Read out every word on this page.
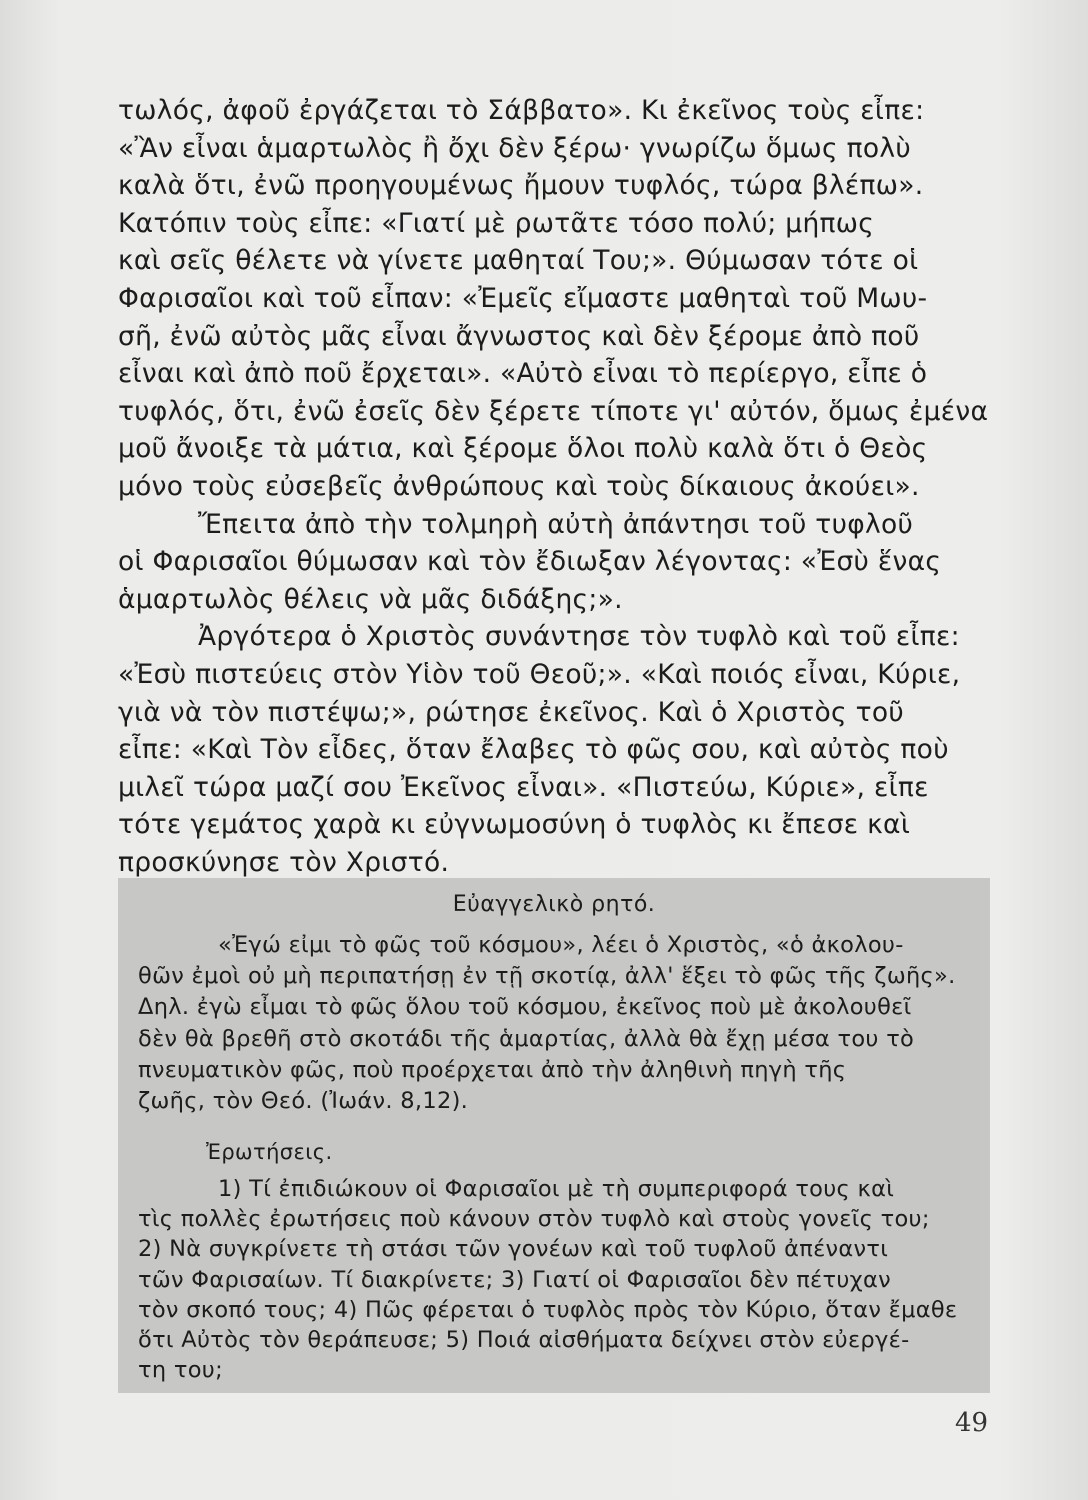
τωλός, ἀφοῦ ἐργάζεται τὸ Σάββατο». Κι ἐκεῖνος τοὺς εἶπε:
«Ἂν εἶναι ἁμαρτωλὸς ἢ ὄχι δὲν ξέρω· γνωρίζω ὅμως πολὺ
καλὰ ὅτι, ἐνῶ προηγουμένως ἤμουν τυφλός, τώρα βλέπω».
Κατόπιν τοὺς εἶπε: «Γιατί μὲ ρωτᾶτε τόσο πολύ; μήπως
καὶ σεῖς θέλετε νὰ γίνετε μαθηταί Του;». Θύμωσαν τότε οἱ
Φαρισαῖοι καὶ τοῦ εἶπαν: «Ἐμεῖς εἴμαστε μαθηταὶ τοῦ Μωυ-
σῆ, ἐνῶ αὐτὸς μᾶς εἶναι ἄγνωστος καὶ δὲν ξέρομε ἀπὸ ποῦ
εἶναι καὶ ἀπὸ ποῦ ἔρχεται». «Αὐτὸ εἶναι τὸ περίεργο, εἶπε ὁ
τυφλός, ὅτι, ἐνῶ ἐσεῖς δὲν ξέρετε τίποτε γι' αὐτόν, ὅμως ἐμένα
μοῦ ἄνοιξε τὰ μάτια, καὶ ξέρομε ὅλοι πολὺ καλὰ ὅτι ὁ Θεὸς
μόνο τοὺς εὐσεβεῖς ἀνθρώπους καὶ τοὺς δίκαιους ἀκούει».
Ἔπειτα ἀπὸ τὴν τολμηρὴ αὐτὴ ἀπάντησι τοῦ τυφλοῦ
οἱ Φαρισαῖοι θύμωσαν καὶ τὸν ἔδιωξαν λέγοντας: «Ἐσὺ ἕνας
ἁμαρτωλὸς θέλεις νὰ μᾶς διδάξης;».
Ἀργότερα ὁ Χριστὸς συνάντησε τὸν τυφλὸ καὶ τοῦ εἶπε:
«Ἐσὺ πιστεύεις στὸν Υἱὸν τοῦ Θεοῦ;». «Καὶ ποιός εἶναι, Κύριε,
γιὰ νὰ τὸν πιστέψω;», ρώτησε ἐκεῖνος. Καὶ ὁ Χριστὸς τοῦ
εἶπε: «Καὶ Τὸν εἶδες, ὅταν ἔλαβες τὸ φῶς σου, καὶ αὐτὸς ποὺ
μιλεῖ τώρα μαζί σου Ἐκεῖνος εἶναι». «Πιστεύω, Κύριε», εἶπε
τότε γεμάτος χαρὰ κι εὐγνωμοσύνη ὁ τυφλὸς κι ἔπεσε καὶ
προσκύνησε τὸν Χριστό.
Εὐαγγελικὸ ρητό.
«Ἐγώ εἰμι τὸ φῶς τοῦ κόσμου», λέει ὁ Χριστὸς, «ὁ ἀκολου-
θῶν ἐμοὶ οὐ μὴ περιπατήσῃ ἐν τῇ σκοτίᾳ, ἀλλ' ἕξει τὸ φῶς τῆς ζωῆς».
Δηλ. ἐγὼ εἶμαι τὸ φῶς ὅλου τοῦ κόσμου, ἐκεῖνος ποὺ μὲ ἀκολουθεῖ
δὲν θὰ βρεθῆ στὸ σκοτάδι τῆς ἁμαρτίας, ἀλλὰ θὰ ἔχῃ μέσα του τὸ
πνευματικὸν φῶς, ποὺ προέρχεται ἀπὸ τὴν ἀληθινὴ πηγὴ τῆς
ζωῆς, τὸν Θεό. (Ἰωάν. 8,12).
Ἐρωτήσεις.
1) Τί ἐπιδιώκουν οἱ Φαρισαῖοι μὲ τὴ συμπεριφορά τους καὶ
τὶς πολλὲς ἐρωτήσεις ποὺ κάνουν στὸν τυφλὸ καὶ στοὺς γονεῖς του;
2) Νὰ συγκρίνετε τὴ στάσι τῶν γονέων καὶ τοῦ τυφλοῦ ἀπέναντι
τῶν Φαρισαίων. Τί διακρίνετε; 3) Γιατί οἱ Φαρισαῖοι δὲν πέτυχαν
τὸν σκοπό τους; 4) Πῶς φέρεται ὁ τυφλὸς πρὸς τὸν Κύριο, ὅταν ἔμαθε
ὅτι Αὐτὸς τὸν θεράπευσε; 5) Ποιά αἰσθήματα δείχνει στὸν εὐεργέ-
τη του;
49
